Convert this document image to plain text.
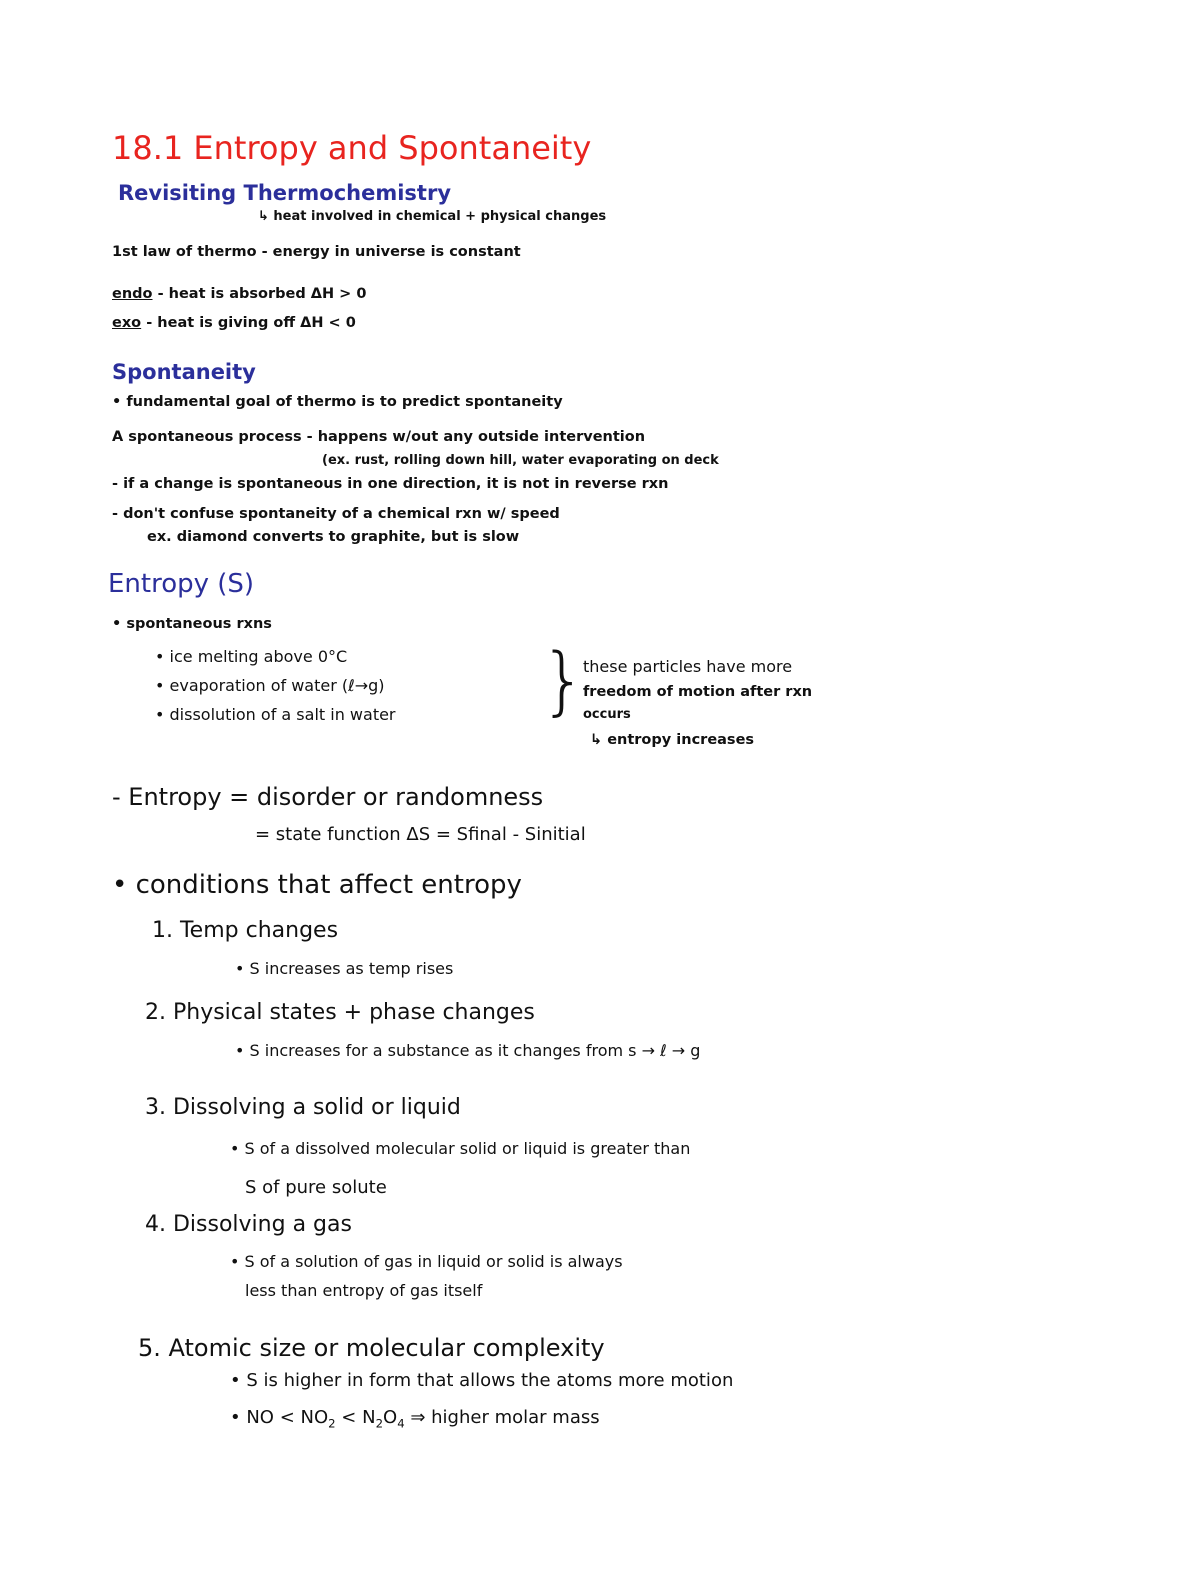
18.1 Entropy and Spontaneity
Revisiting Thermochemistry
↳ heat involved in chemical + physical changes
1st law of thermo - energy in universe is constant
endo - heat is absorbed ΔH > 0
exo - heat is giving off ΔH < 0
Spontaneity
• fundamental goal of thermo is to predict spontaneity
A spontaneous process - happens w/out any outside intervention
(ex. rust, rolling down hill, water evaporating on deck
- if a change is spontaneous in one direction, it is not in reverse rxn
- don't confuse spontaneity of a chemical rxn w/ speed
ex. diamond converts to graphite, but is slow
Entropy (S)
• spontaneous rxns
• ice melting above 0°C
• evaporation of water (ℓ→g)
• dissolution of a salt in water }
these particles have more
freedom of motion after rxn
occurs
↳ entropy increases
- Entropy = disorder or randomness
= state function ΔS = Sfinal - Sinitial
• conditions that affect entropy
1. Temp changes
• S increases as temp rises
2. Physical states + phase changes
• S increases for a substance as it changes from s → ℓ → g
3. Dissolving a solid or liquid
• S of a dissolved molecular solid or liquid is greater than
S of pure solute
4. Dissolving a gas
• S of a solution of gas in liquid or solid is always
less than entropy of gas itself
5. Atomic size or molecular complexity
• S is higher in form that allows the atoms more motion
• NO < $NO_2 < N_2O_4$ ⇒ higher molar mass
